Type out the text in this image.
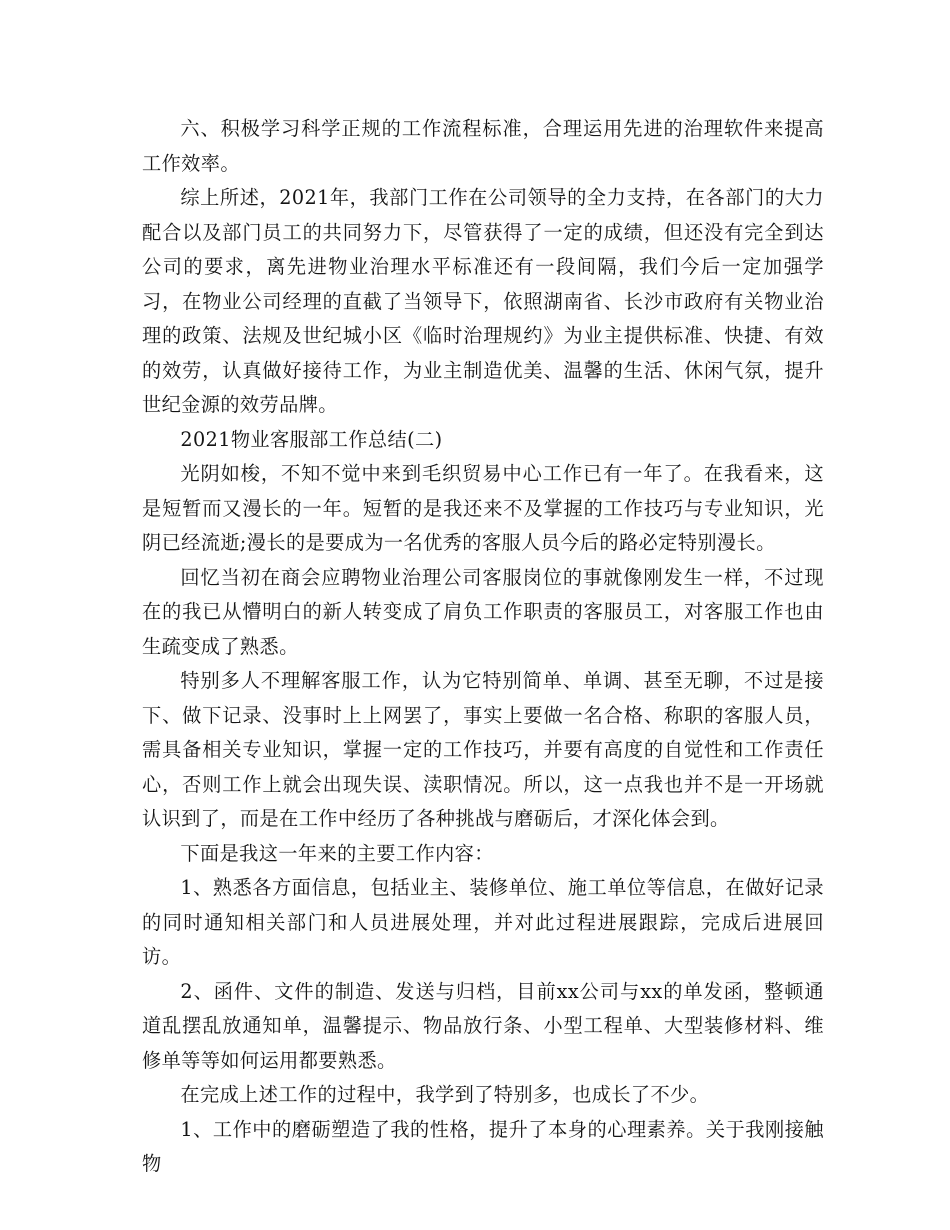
六、积极学习科学正规的工作流程标准，合理运用先进的治理软件来提高工作效率。

综上所述，2021年，我部门工作在公司领导的全力支持，在各部门的大力配合以及部门员工的共同努力下，尽管获得了一定的成绩，但还没有完全到达公司的要求，离先进物业治理水平标准还有一段间隔，我们今后一定加强学习，在物业公司经理的直截了当领导下，依照湖南省、长沙市政府有关物业治理的政策、法规及世纪城小区《临时治理规约》为业主提供标准、快捷、有效的效劳，认真做好接待工作，为业主制造优美、温馨的生活、休闲气氛，提升世纪金源的效劳品牌。

2021物业客服部工作总结(二)

光阴如梭，不知不觉中来到毛织贸易中心工作已有一年了。在我看来，这是短暂而又漫长的一年。短暂的是我还来不及掌握的工作技巧与专业知识，光阴已经流逝;漫长的是要成为一名优秀的客服人员今后的路必定特别漫长。

回忆当初在商会应聘物业治理公司客服岗位的事就像刚发生一样，不过现在的我已从懵明白的新人转变成了肩负工作职责的客服员工，对客服工作也由生疏变成了熟悉。

特别多人不理解客服工作，认为它特别简单、单调、甚至无聊，不过是接下、做下记录、没事时上上网罢了，事实上要做一名合格、称职的客服人员，需具备相关专业知识，掌握一定的工作技巧，并要有高度的自觉性和工作责任心，否则工作上就会出现失误、渎职情况。所以，这一点我也并不是一开场就认识到了，而是在工作中经历了各种挑战与磨砺后，才深化体会到。

下面是我这一年来的主要工作内容：

1、熟悉各方面信息，包括业主、装修单位、施工单位等信息，在做好记录的同时通知相关部门和人员进展处理，并对此过程进展跟踪，完成后进展回访。

2、函件、文件的制造、发送与归档，目前xx公司与xx的单发函，整顿通道乱摆乱放通知单，温馨提示、物品放行条、小型工程单、大型装修材料、维修单等等如何运用都要熟悉。

在完成上述工作的过程中，我学到了特别多，也成长了不少。

1、工作中的磨砺塑造了我的性格，提升了本身的心理素养。关于我刚接触物
